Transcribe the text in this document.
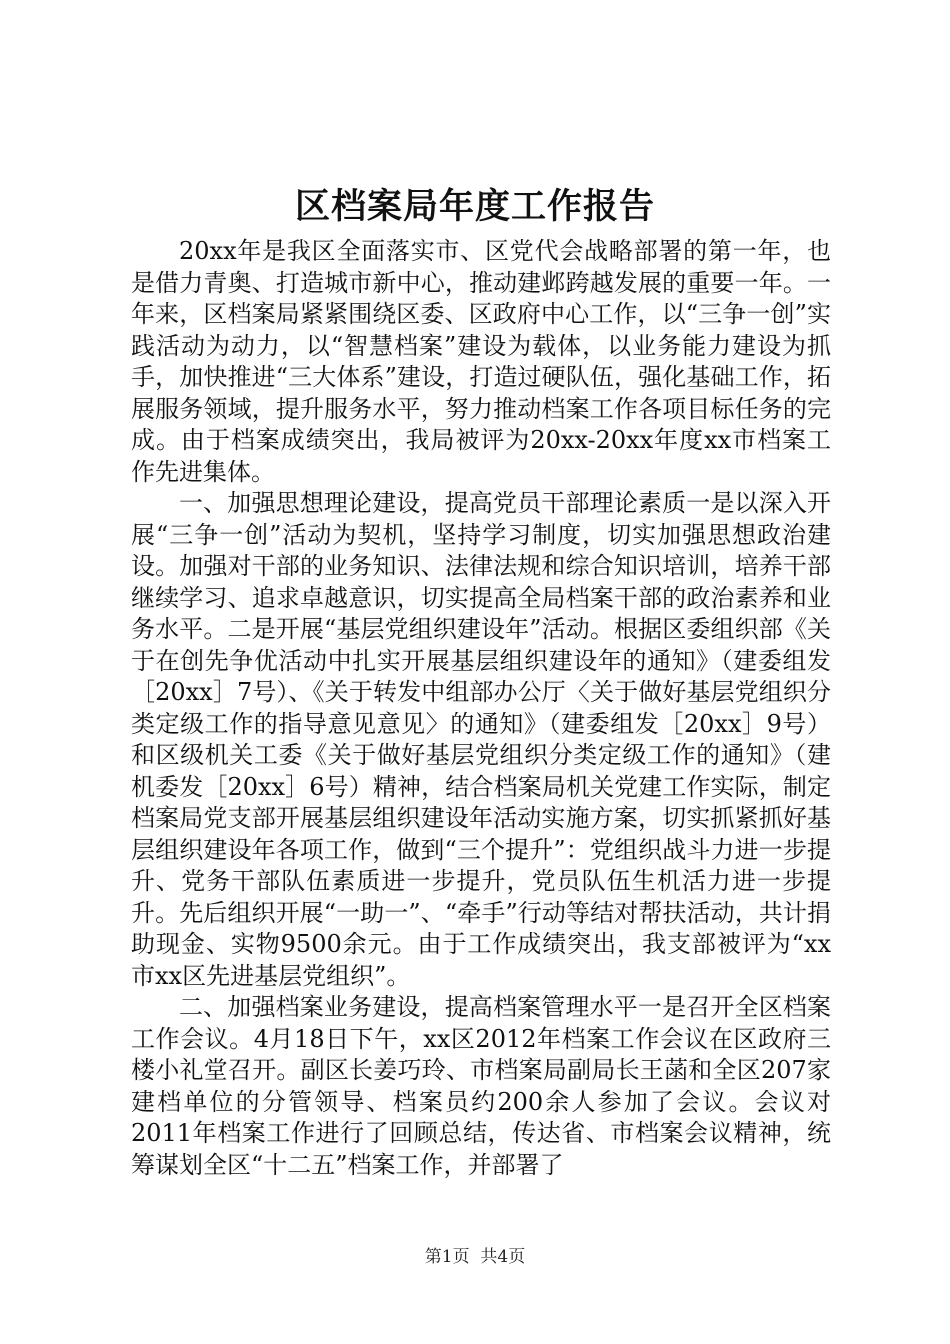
区档案局年度工作报告

20xx年是我区全面落实市、区党代会战略部署的第一年，也是借力青奥、打造城市新中心，推动建邺跨越发展的重要一年。一年来，区档案局紧紧围绕区委、区政府中心工作，以“三争一创”实践活动为动力，以“智慧档案”建设为载体，以业务能力建设为抓手，加快推进“三大体系”建设，打造过硬队伍，强化基础工作，拓展服务领域，提升服务水平，努力推动档案工作各项目标任务的完成。由于档案成绩突出，我局被评为20xx-20xx年度xx市档案工作先进集体。

一、加强思想理论建设，提高党员干部理论素质一是以深入开展“三争一创”活动为契机，坚持学习制度，切实加强思想政治建设。加强对干部的业务知识、法律法规和综合知识培训，培养干部继续学习、追求卓越意识，切实提高全局档案干部的政治素养和业务水平。二是开展“基层党组织建设年”活动。根据区委组织部《关于在创先争优活动中扎实开展基层组织建设年的通知》（建委组发［20xx］7号）、《关于转发中组部办公厅〈关于做好基层党组织分类定级工作的指导意见意见〉的通知》（建委组发［20xx］9号）和区级机关工委《关于做好基层党组织分类定级工作的通知》（建机委发［20xx］6号）精神，结合档案局机关党建工作实际，制定档案局党支部开展基层组织建设年活动实施方案，切实抓紧抓好基层组织建设年各项工作，做到“三个提升”：党组织战斗力进一步提升、党务干部队伍素质进一步提升，党员队伍生机活力进一步提升。先后组织开展“一助一”、“牵手”行动等结对帮扶活动，共计捐助现金、实物9500余元。由于工作成绩突出，我支部被评为“xx市xx区先进基层党组织”。

二、加强档案业务建设，提高档案管理水平一是召开全区档案工作会议。4月18日下午，xx区2012年档案工作会议在区政府三楼小礼堂召开。副区长姜巧玲、市档案局副局长王菡和全区207家建档单位的分管领导、档案员约200余人参加了会议。会议对2011年档案工作进行了回顾总结，传达省、市档案会议精神，统筹谋划全区“十二五”档案工作，并部署了

第1页 共4页
